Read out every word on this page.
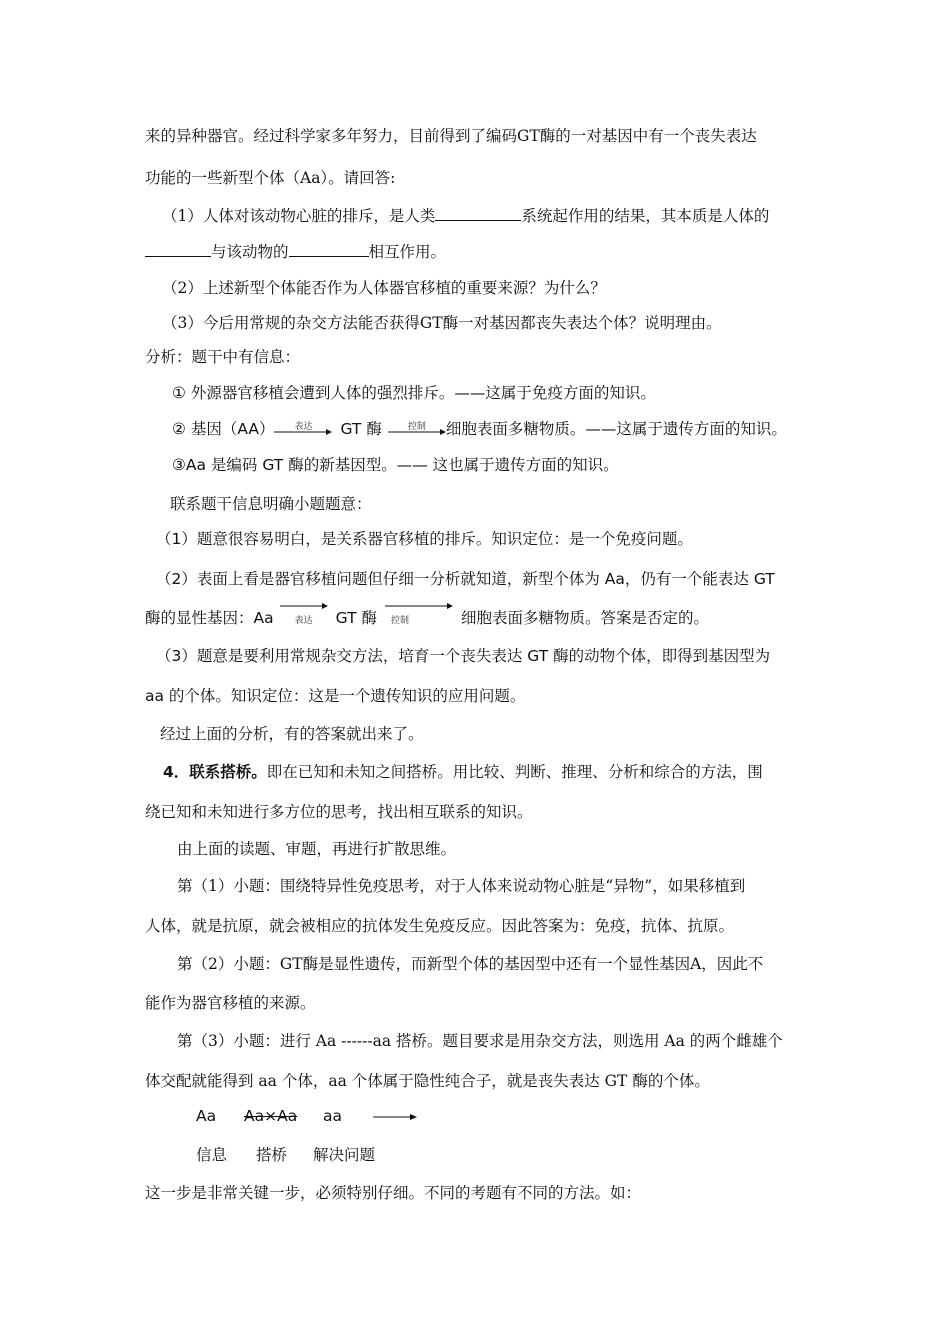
来的异种器官。经过科学家多年努力，目前得到了编码GT酶的一对基因中有一个丧失表达
功能的一些新型个体（Aa）。请回答:
（1）人体对该动物心脏的排斥，是人类	系统起作用的结果，其本质是人体的
与该动物的	相互作用。
（2）上述新型个体能否作为人体器官移植的重要来源？为什么？
（3）今后用常规的杂交方法能否获得GT酶一对基因都丧失表达个体？说明理由。
分析：题干中有信息：
① 外源器官移植会遭到人体的强烈排斥。——这属于免疫方面的知识。
② 基因（AA）	表达	GT 酶	控制	细胞表面多糖物质。——这属于遗传方面的知识。
③Aa 是编码 GT 酶的新基因型。—— 这也属于遗传方面的知识。
联系题干信息明确小题题意：
（1）题意很容易明白，是关系器官移植的排斥。知识定位：是一个免疫问题。
（2）表面上看是器官移植问题但仔细一分析就知道，新型个体为 Aa，仍有一个能表达 GT
酶的显性基因：Aa	表达	GT 酶	控制	细胞表面多糖物质。答案是否定的。
（3）题意是要利用常规杂交方法，培育一个丧失表达 GT 酶的动物个体，即得到基因型为
aa 的个体。知识定位：这是一个遗传知识的应用问题。
经过上面的分析，有的答案就出来了。
4．联系搭桥。即在已知和未知之间搭桥。用比较、判断、推理、分析和综合的方法，围
绕已知和未知进行多方位的思考，找出相互联系的知识。
由上面的读题、审题，再进行扩散思维。
第（1）小题：围绕特异性免疫思考，对于人体来说动物心脏是“异物”，如果移植到
人体，就是抗原，就会被相应的抗体发生免疫反应。因此答案为：免疫，抗体、抗原。
第（2）小题：GT酶是显性遗传，而新型个体的基因型中还有一个显性基因A，因此不
能作为器官移植的来源。
第（3）小题：进行 Aa ------aa 搭桥。题目要求是用杂交方法，则选用 Aa 的两个雌雄个
体交配就能得到 aa 个体，aa 个体属于隐性纯合子，就是丧失表达 GT 酶的个体。
Aa Aa×Aa aa
信息 搭桥 解决问题
这一步是非常关键一步，必须特别仔细。不同的考题有不同的方法。如：
